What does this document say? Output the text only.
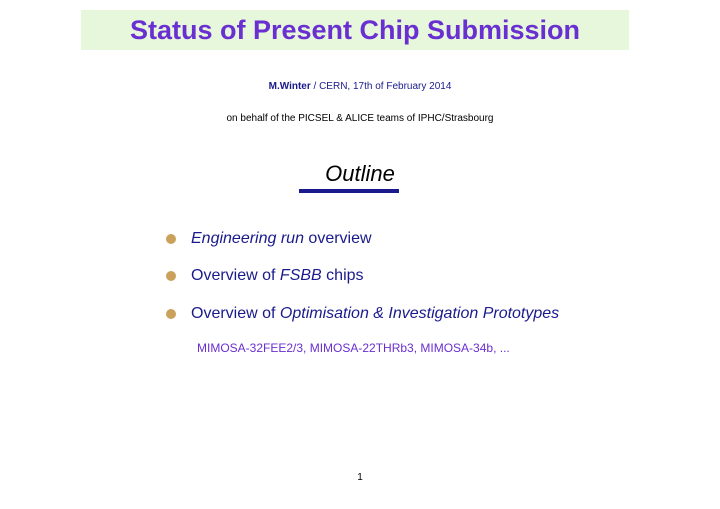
Status of Present Chip Submission
M.Winter / CERN, 17th of February 2014
on behalf of the PICSEL & ALICE teams of IPHC/Strasbourg
Outline
Engineering run overview
Overview of FSBB chips
Overview of Optimisation & Investigation Prototypes
MIMOSA-32FEE2/3, MIMOSA-22THRb3, MIMOSA-34b, ...
1
